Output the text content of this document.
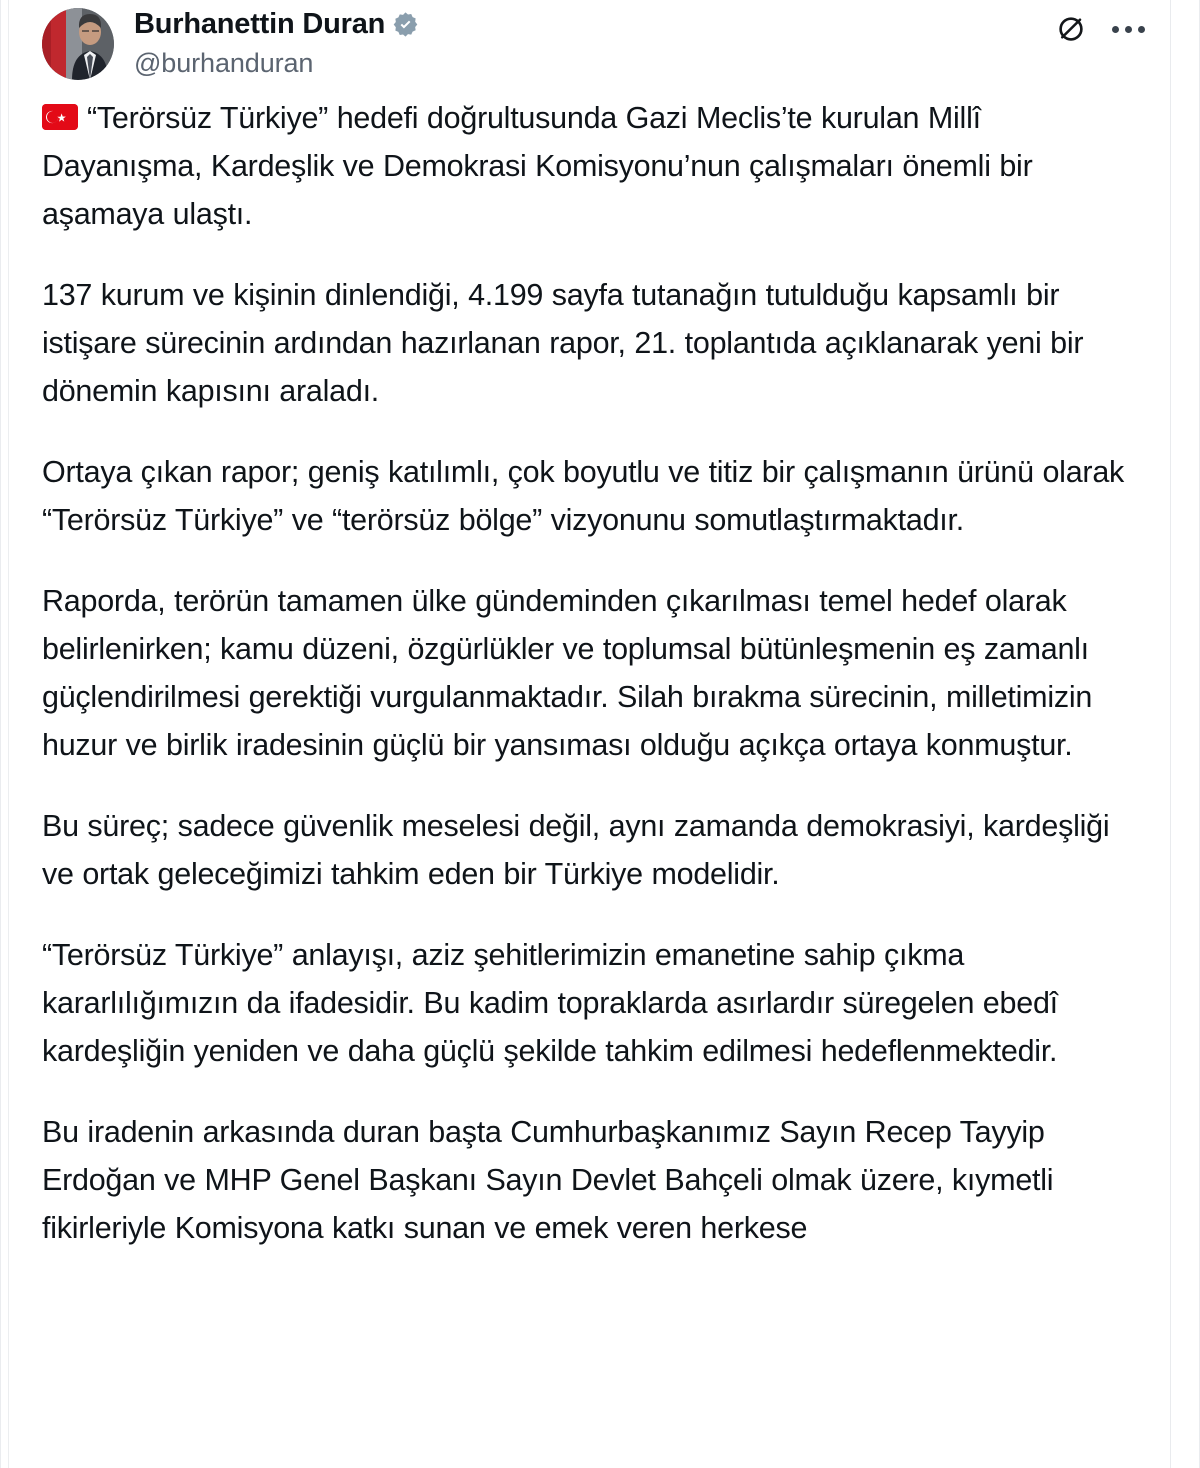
Burhanettin Duran
@burhanduran

“Terörsüz Türkiye” hedefi doğrultusunda Gazi Meclis’te kurulan Millî Dayanışma, Kardeşlik ve Demokrasi Komisyonu’nun çalışmaları önemli bir aşamaya ulaştı.

137 kurum ve kişinin dinlendiği, 4.199 sayfa tutanağın tutulduğu kapsamlı bir istişare sürecinin ardından hazırlanan rapor, 21. toplantıda açıklanarak yeni bir dönemin kapısını araladı.

Ortaya çıkan rapor; geniş katılımlı, çok boyutlu ve titiz bir çalışmanın ürünü olarak “Terörsüz Türkiye” ve “terörsüz bölge” vizyonunu somutlaştırmaktadır.

Raporda, terörün tamamen ülke gündeminden çıkarılması temel hedef olarak belirlenirken; kamu düzeni, özgürlükler ve toplumsal bütünleşmenin eş zamanlı güçlendirilmesi gerektiği vurgulanmaktadır. Silah bırakma sürecinin, milletimizin huzur ve birlik iradesinin güçlü bir yansıması olduğu açıkça ortaya konmuştur.

Bu süreç; sadece güvenlik meselesi değil, aynı zamanda demokrasiyi, kardeşliği ve ortak geleceğimizi tahkim eden bir Türkiye modelidir.

“Terörsüz Türkiye” anlayışı, aziz şehitlerimizin emanetine sahip çıkma kararlılığımızın da ifadesidir. Bu kadim topraklarda asırlardır süregelen ebedî kardeşliğin yeniden ve daha güçlü şekilde tahkim edilmesi hedeflenmektedir.

Bu iradenin arkasında duran başta Cumhurbaşkanımız Sayın Recep Tayyip Erdoğan ve MHP Genel Başkanı Sayın Devlet Bahçeli olmak üzere, kıymetli fikirleriyle Komisyona katkı sunan ve emek veren herkese
